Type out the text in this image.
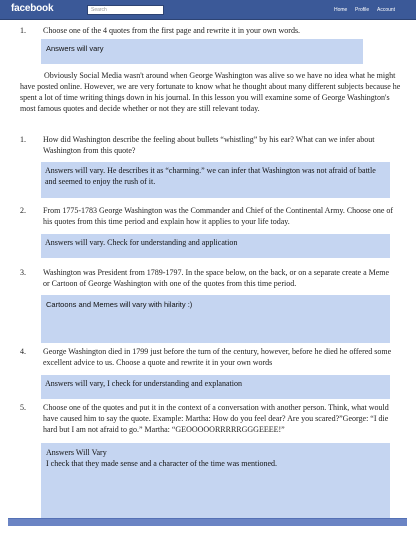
facebook	Search	Home Profile Account
1.	Choose one of the 4 quotes from the first page and rewrite it in your own words.
Answers will vary
Obviously Social Media wasn't around when George Washington was alive so we have no idea what he might have posted online. However, we are very fortunate to know what he thought about many different subjects because he spent a lot of time writing things down in his journal. In this lesson you will examine some of George Washington's most famous quotes and decide whether or not they are still relevant today.
1.	How did Washington describe the feeling about bullets “whistling” by his ear? What can we infer about Washington from this quote?
Answers will vary. He describes it as “charming.” we can infer that Washington was not afraid of battle and seemed to enjoy the rush of it.
2.	From 1775-1783 George Washington was the Commander and Chief of the Continental Army. Choose one of his quotes from this time period and explain how it applies to your life today.
Answers will vary. Check for understanding and application
3.	Washington was President from 1789-1797. In the space below, on the back, or on a separate create a Meme or Cartoon of George Washington with one of the quotes from this time period.
Cartoons and Memes will vary with hilarity :)
4.	George Washington died in 1799 just before the turn of the century, however, before he died he offered some excellent advice to us. Choose a quote and rewrite it in your own words
Answers will vary, I check for understanding and explanation
5.	Choose one of the quotes and put it in the context of a conversation with another person. Think, what would have caused him to say the quote. Example: Martha: How do you feel dear? Are you scared?”George: “I die hard but I am not afraid to go.” Martha: “GEOOOOORRRRRGGGEEEE!”
Answers Will Vary
I check that they made sense and a character of the time was mentioned.
